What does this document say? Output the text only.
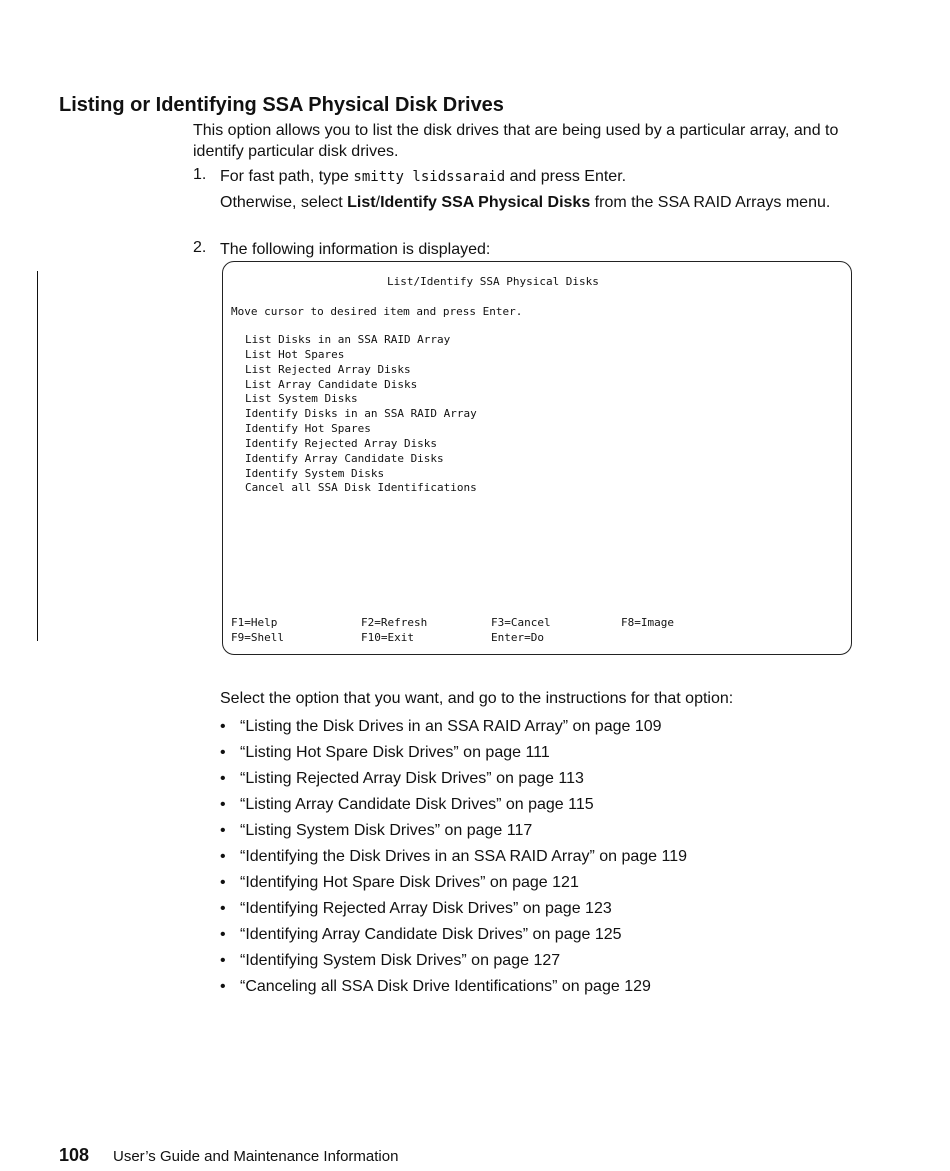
Listing or Identifying SSA Physical Disk Drives

This option allows you to list the disk drives that are being used by a particular array, and to identify particular disk drives.

1. For fast path, type smitty lsidssaraid and press Enter.
Otherwise, select List/Identify SSA Physical Disks from the SSA RAID Arrays menu.
2. The following information is displayed:
List/Identify SSA Physical Disks
Move cursor to desired item and press Enter.
List Disks in an SSA RAID Array
List Hot Spares
List Rejected Array Disks
List Array Candidate Disks
List System Disks
Identify Disks in an SSA RAID Array
Identify Hot Spares
Identify Rejected Array Disks
Identify Array Candidate Disks
Identify System Disks
Cancel all SSA Disk Identifications
F1=Help	F2=Refresh	F3=Cancel	F8=Image
F9=Shell	F10=Exit	Enter=Do
Select the option that you want, and go to the instructions for that option:
• “Listing the Disk Drives in an SSA RAID Array” on page 109
• “Listing Hot Spare Disk Drives” on page 111
• “Listing Rejected Array Disk Drives” on page 113
• “Listing Array Candidate Disk Drives” on page 115
• “Listing System Disk Drives” on page 117
• “Identifying the Disk Drives in an SSA RAID Array” on page 119
• “Identifying Hot Spare Disk Drives” on page 121
• “Identifying Rejected Array Disk Drives” on page 123
• “Identifying Array Candidate Disk Drives” on page 125
• “Identifying System Disk Drives” on page 127
• “Canceling all SSA Disk Drive Identifications” on page 129
108 User’s Guide and Maintenance Information
